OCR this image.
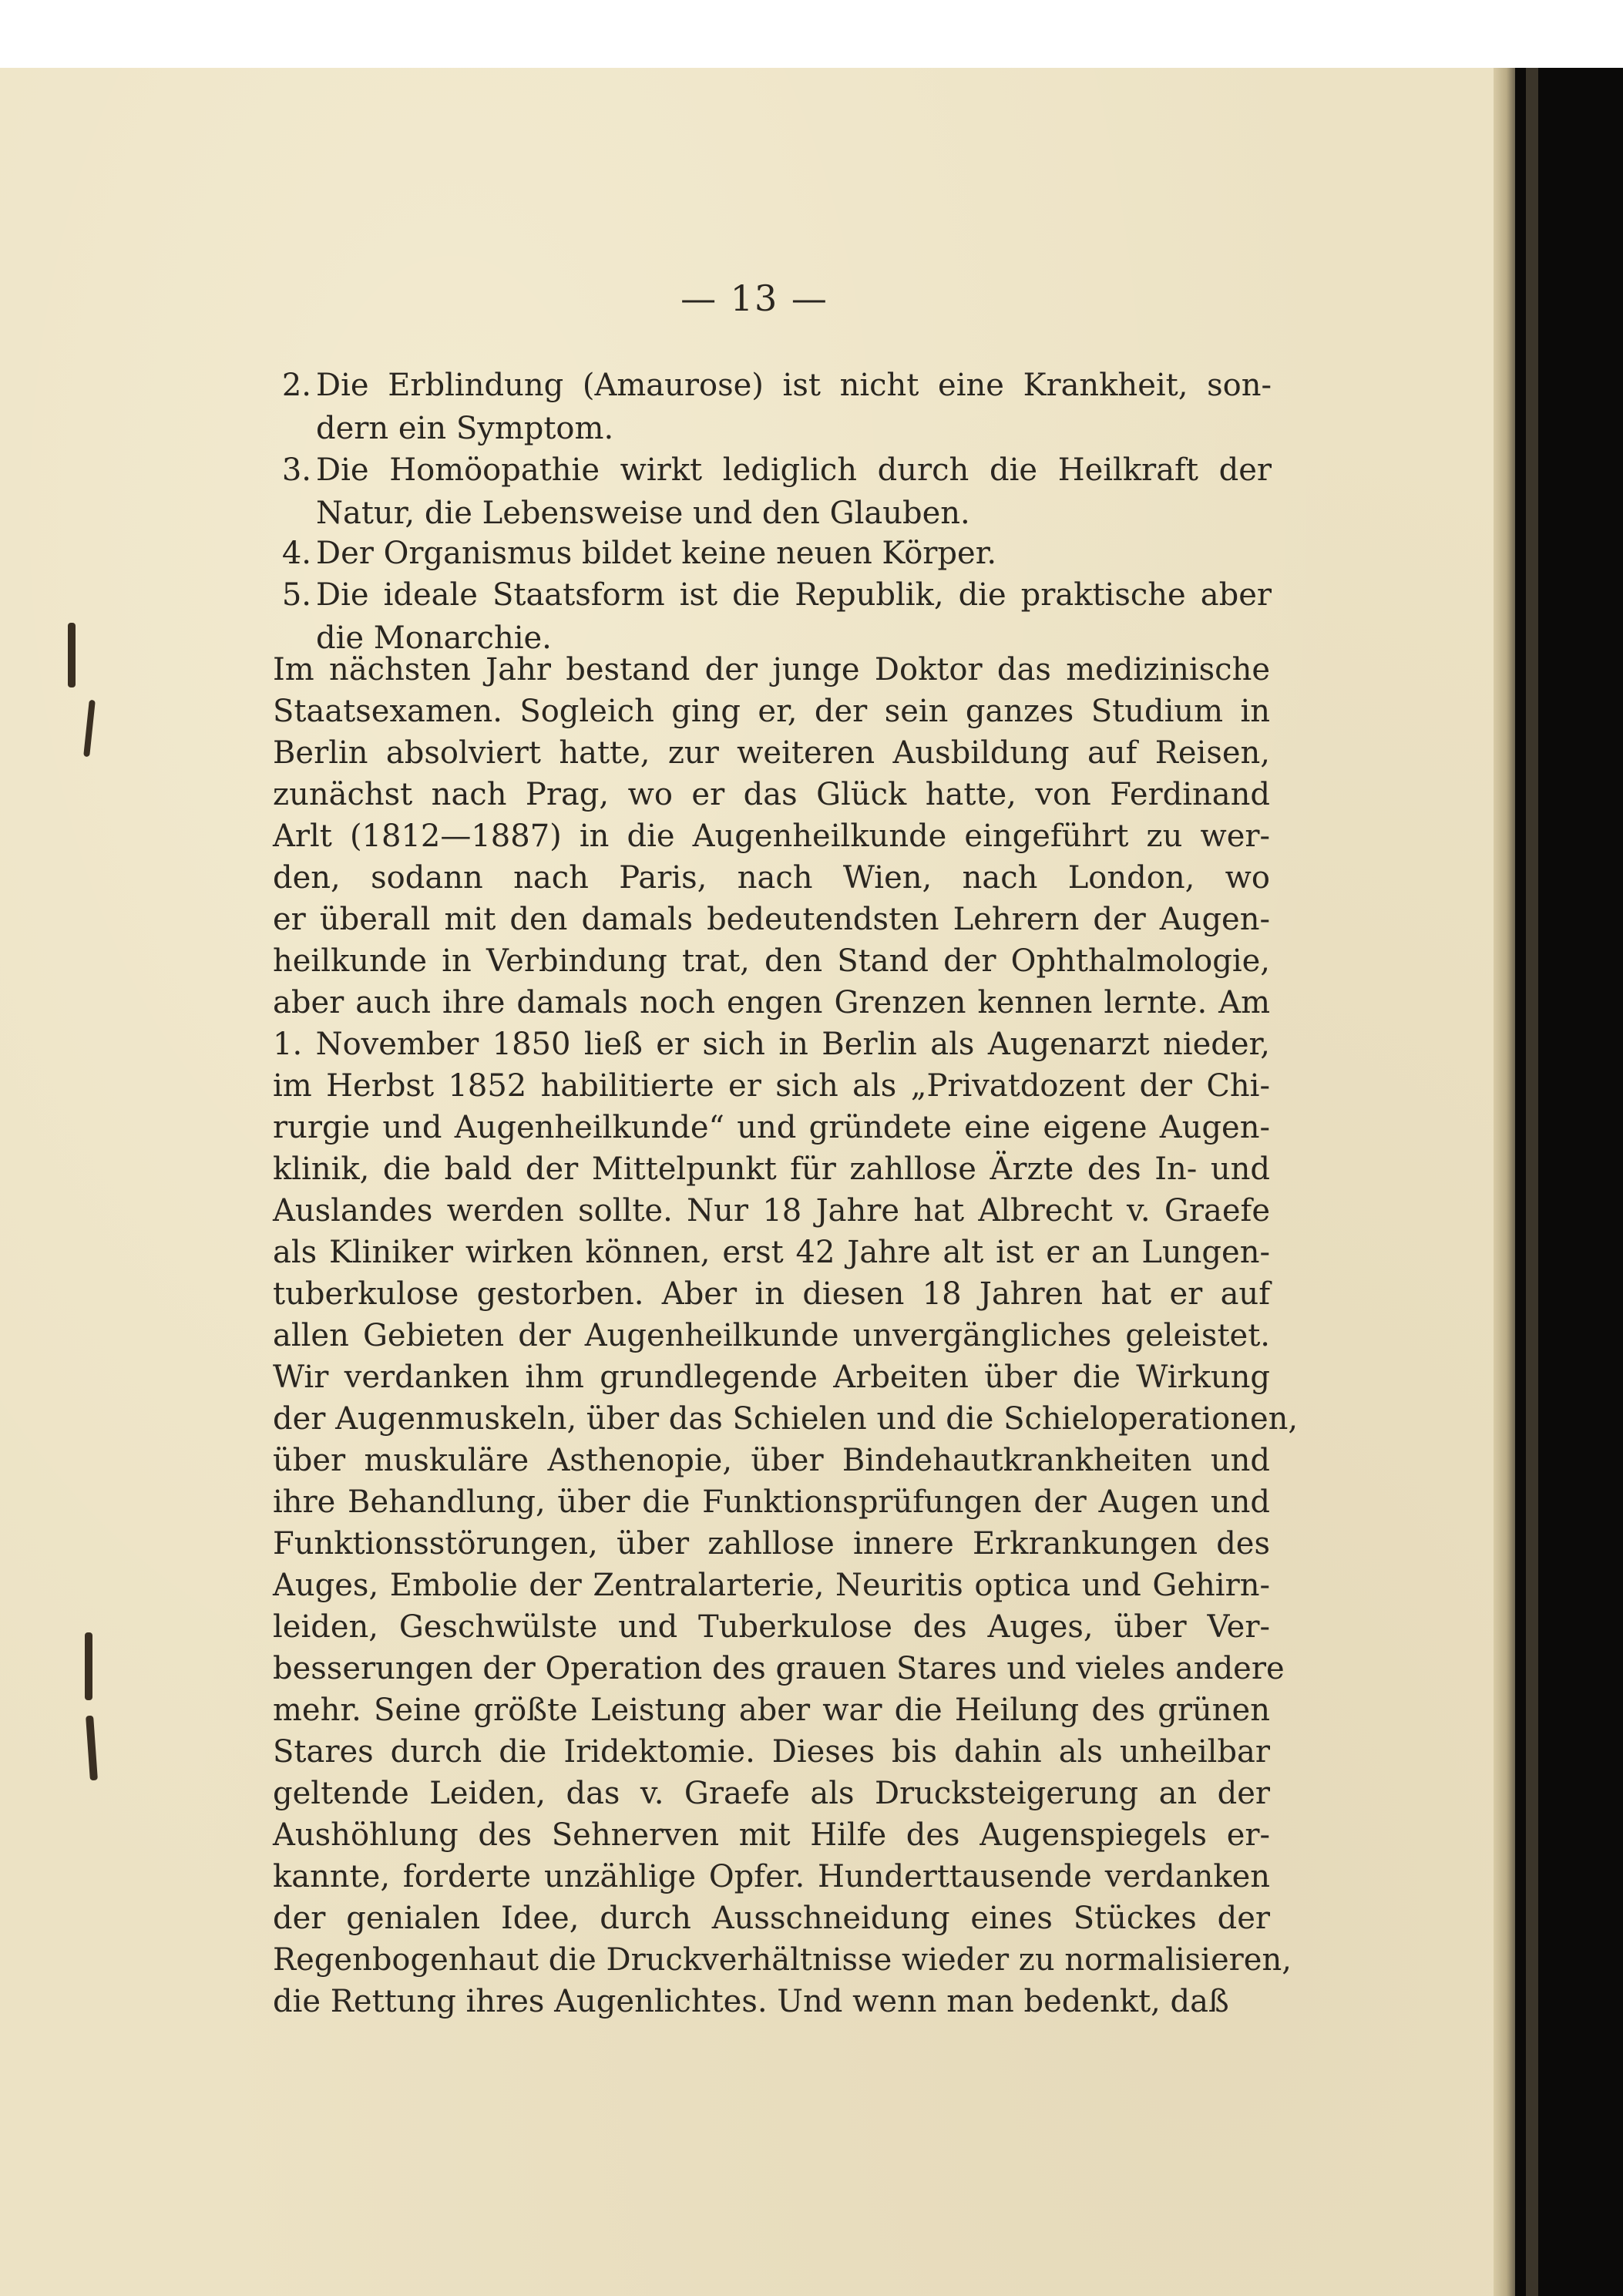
— 13 —
2. Die Erblindung (Amaurose) ist nicht eine Krankheit, son-
dern ein Symptom.
3. Die Homöopathie wirkt lediglich durch die Heilkraft der
Natur, die Lebensweise und den Glauben.
4. Der Organismus bildet keine neuen Körper.
5. Die ideale Staatsform ist die Republik, die praktische aber
die Monarchie.
Im nächsten Jahr bestand der junge Doktor das medizinische
Staatsexamen. Sogleich ging er, der sein ganzes Studium in
Berlin absolviert hatte, zur weiteren Ausbildung auf Reisen,
zunächst nach Prag, wo er das Glück hatte, von Ferdinand
Arlt (1812—1887) in die Augenheilkunde eingeführt zu wer-
den, sodann nach Paris, nach Wien, nach London, wo
er überall mit den damals bedeutendsten Lehrern der Augen-
heilkunde in Verbindung trat, den Stand der Ophthalmologie,
aber auch ihre damals noch engen Grenzen kennen lernte. Am
1. November 1850 ließ er sich in Berlin als Augenarzt nieder,
im Herbst 1852 habilitierte er sich als „Privatdozent der Chi-
rurgie und Augenheilkunde“ und gründete eine eigene Augen-
klinik, die bald der Mittelpunkt für zahllose Ärzte des In- und
Auslandes werden sollte. Nur 18 Jahre hat Albrecht v. Graefe
als Kliniker wirken können, erst 42 Jahre alt ist er an Lungen-
tuberkulose gestorben. Aber in diesen 18 Jahren hat er auf
allen Gebieten der Augenheilkunde unvergängliches geleistet.
Wir verdanken ihm grundlegende Arbeiten über die Wirkung
der Augenmuskeln, über das Schielen und die Schieloperationen,
über muskuläre Asthenopie, über Bindehautkrankheiten und
ihre Behandlung, über die Funktionsprüfungen der Augen und
Funktionsstörungen, über zahllose innere Erkrankungen des
Auges, Embolie der Zentralarterie, Neuritis optica und Gehirn-
leiden, Geschwülste und Tuberkulose des Auges, über Ver-
besserungen der Operation des grauen Stares und vieles andere
mehr. Seine größte Leistung aber war die Heilung des grünen
Stares durch die Iridektomie. Dieses bis dahin als unheilbar
geltende Leiden, das v. Graefe als Drucksteigerung an der
Aushöhlung des Sehnerven mit Hilfe des Augenspiegels er-
kannte, forderte unzählige Opfer. Hunderttausende verdanken
der genialen Idee, durch Ausschneidung eines Stückes der
Regenbogenhaut die Druckverhältnisse wieder zu normalisieren,
die Rettung ihres Augenlichtes. Und wenn man bedenkt, daß
